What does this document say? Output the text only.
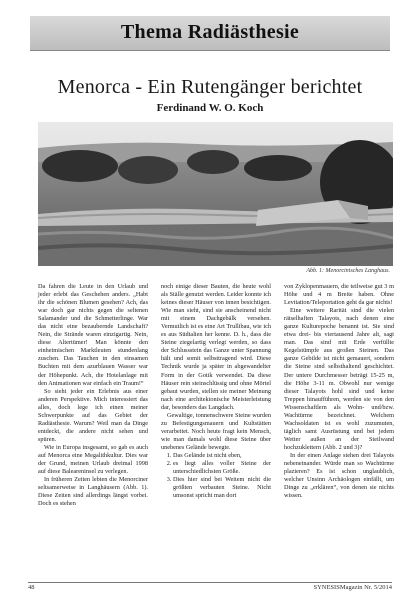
Thema Radiästhesie
Menorca - Ein Rutengänger berichtet
Ferdinand W. O. Koch
Abb. 1: Menorcinisches Langhaus.

Da fahren die Leute in den Urlaub und jeder erlebt das Geschehen anders. „Habt ihr die schönen Blumen gesehen? Ach, das war doch gar nichts gegen die seltenen Salamander und die Schmetterlinge. War das nicht eine bezaubernde Landschaft? Nein, die Strände waren einzigartig. Nein, diese Altertümer! Man könnte den einheimischen Marktleuten stundenlang zuschen. Das Tauchen in den einsamen Buchten mit dem azurblauen Wasser war der Höhepunkt. Ach, die Hotelanlage mit den Animationen war einfach ein Traum!“

So sieht jeder ein Erlebnis aus einer anderen Perspektive. Mich interessiert das alles, doch lege ich einen meiner Schwerpunkte auf das Gebiet der Radiästhesie. Warum? Weil man da Dinge entdeckt, die andere nicht sehen und spüren.

Wie in Europa insgesamt, so gab es auch auf Menorca eine Megalithkultur. Dies war der Grund, meinen Urlaub dreimal 1998 auf diese Baleareninsel zu verlegen.

In früheren Zeiten lebten die Menorciner seltsamerweise in Langhäusern (Abb. 1). Diese Zeiten sind allerdings längst vorbei. Doch es stehen

noch einige dieser Bauten, die heute wohl als Ställe genutzt werden. Leider konnte ich keines dieser Häuser von innen besichtigen. Wie man sieht, sind sie anscheinend nicht mit einem Dachgebälk versehen. Vermutlich ist es eine Art Trullibau, wie ich es aus Südtalien her kenne. D. h., dass die Steine ziegelartig verlegt werden, so dass der Schlussstein das Ganze unter Spannung hält und somit selbsttragend wird. Diese Technik wurde ja später in abgewandelter Form in der Gotik verwendet. Da diese Häuser rein steinschlüssig und ohne Mörtel gebaut wurden, stellen sie meiner Meinung nach eine architektonische Meisterleistung dar, besonders das Langdach.

Gewaltige, tonnenschwere Steine wurden zu Befestigungsmauern und Kultstätten verarbeitet. Noch heute fragt kein Mensch, wie man damals wohl diese Steine über unebenes Gelände bewegte.

1. Das Gelände ist nicht eben,
2. es liegt alles voller Steine der unterschiedlichsten Größe.
3. Dies hier sind bei Weitem nicht die größten verbauten Steine. Nicht umsonst spricht man dort

von Zyklopenmauern, die teilweise gut 3 m Höhe und 4 m Breite haben. Ohne Levitation/Teleportation geht da gar nichts!

Eine weitere Rarität sind die vielen rätselhaften Talayots, nach denen eine ganze Kulturepoche benannt ist. Sie sind etwa drei- bis viertausend Jahre alt, sagt man. Das sind mit Erde verfüllte Kegelstümpfe aus großen Steinen. Das ganze Gebilde ist nicht gemauert, sondern die Steine sind selbsthaltend geschichtet. Der untere Durchmesser beträgt 15-25 m, die Höhe 3-11 m. Obwohl nur wenige dieser Talayots hohl sind und keine Treppen hinaufführen, werden sie von den Wissenschaftlern als Wohn- und/bzw. Wachtürme bezeichnet. Welchem Wachsoldaten ist es wohl zuzumuten, täglich samt Ausrüstung und bei jedem Wetter außen an der Steilwand hochzuklettern (Abb. 2 und 3)?

In der einen Anlage stehen drei Talayots nebeneinander. Würde man so Wachtürme plazieren? Es ist schon unglaublich, welcher Unsinn Archäologen einfällt, um Dinge zu „erklären“, von denen sie nichts wissen.

48	SYNESISMagazin Nr. 5/2014
